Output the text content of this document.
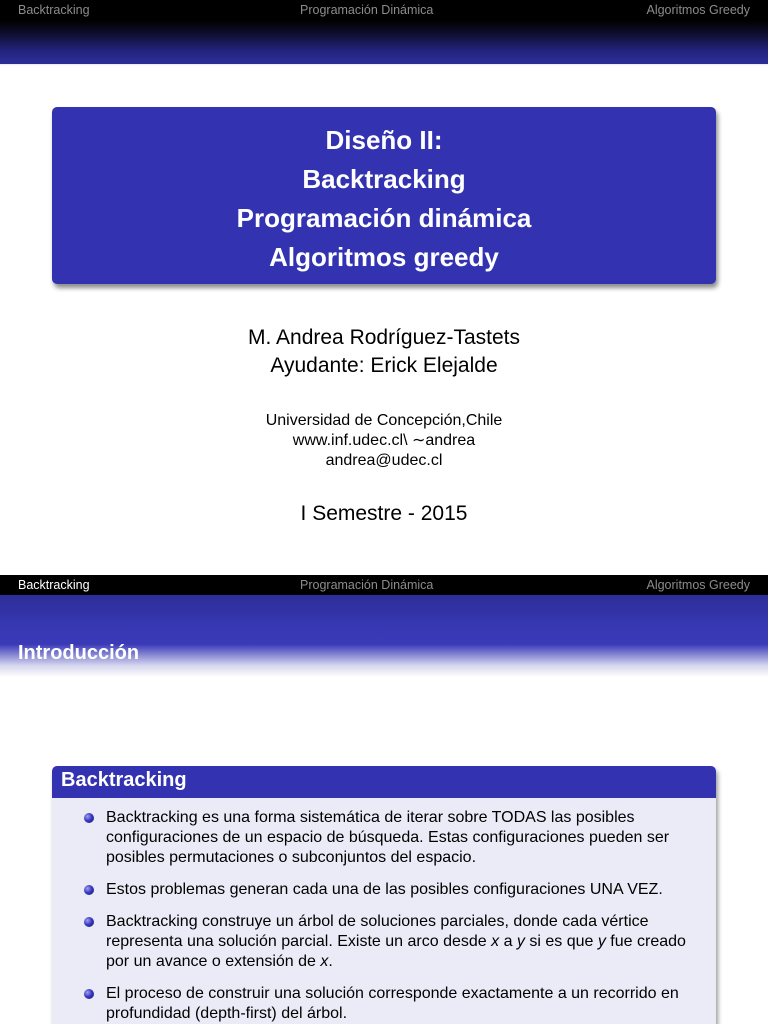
Backtracking	Programación Dinámica	Algoritmos Greedy
Diseño II:
Backtracking
Programación dinámica
Algoritmos greedy
M. Andrea Rodríguez-Tastets
Ayudante: Erick Elejalde
Universidad de Concepción,Chile
www.inf.udec.cl\ ∼andrea
andrea@udec.cl
I Semestre - 2015
Backtracking	Programación Dinámica	Algoritmos Greedy
Introducción
Backtracking
Backtracking es una forma sistemática de iterar sobre TODAS las posibles configuraciones de un espacio de búsqueda. Estas configuraciones pueden ser posibles permutaciones o subconjuntos del espacio.
Estos problemas generan cada una de las posibles configuraciones UNA VEZ.
Backtracking construye un árbol de soluciones parciales, donde cada vértice representa una solución parcial. Existe un arco desde x a y si es que y fue creado por un avance o extensión de x.
El proceso de construir una solución corresponde exactamente a un recorrido en profundidad (depth-first) del árbol.
